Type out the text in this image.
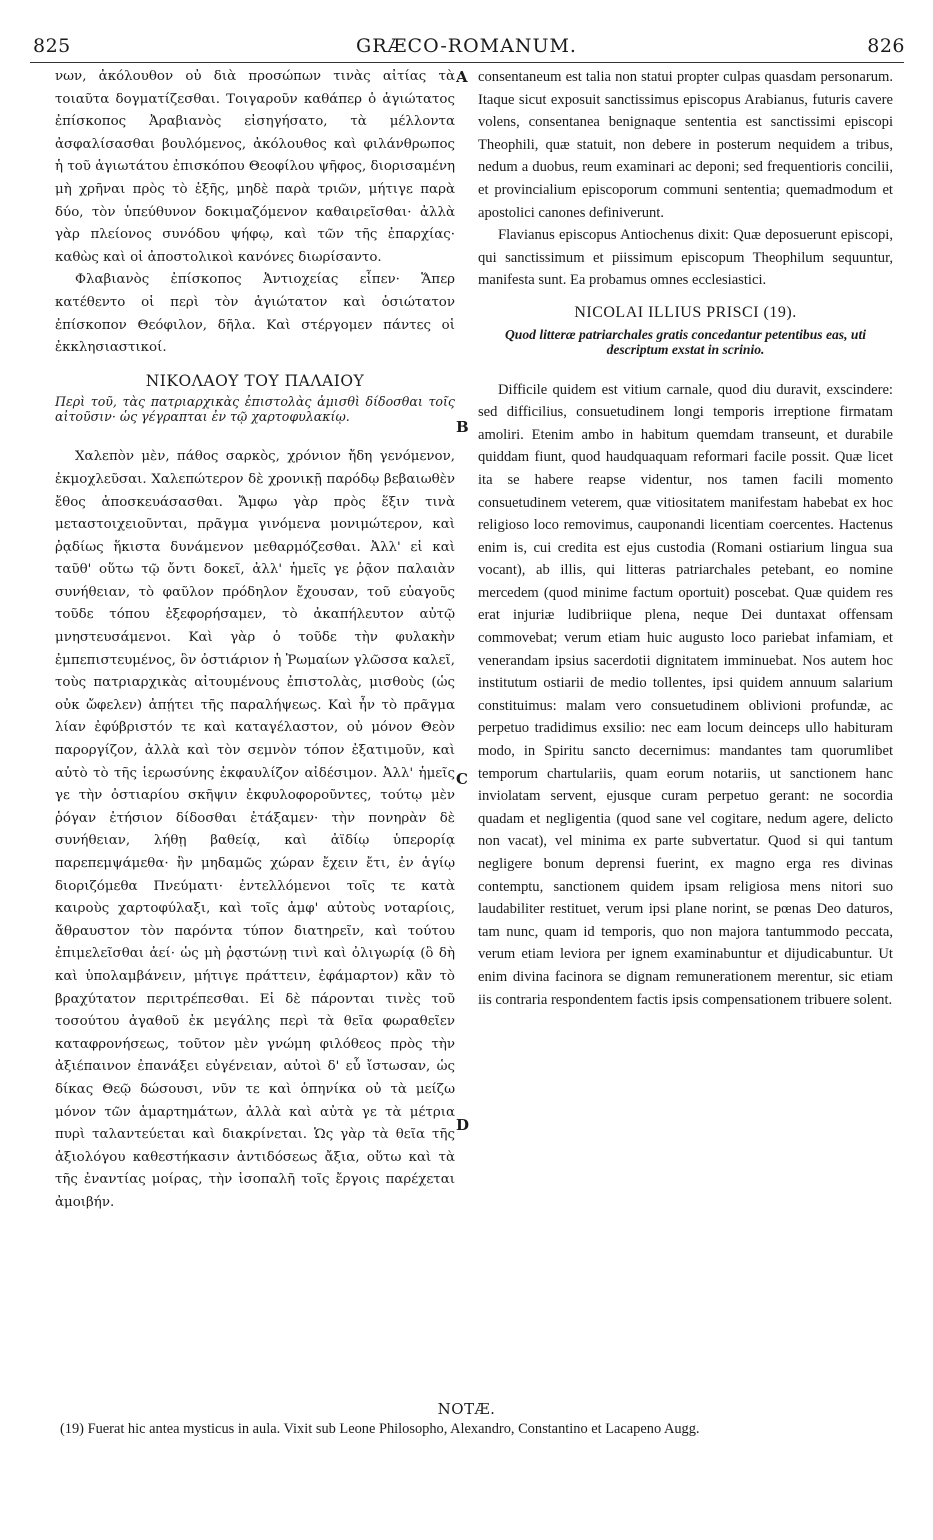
825	GRÆCO-ROMANUM.	826
A
B
C
D

νων, ἀκόλουθον οὐ διὰ προσώπων τινὰς αἰτίας τὰ τοιαῦτα δογματίζεσθαι. Τοιγαροῦν καθάπερ ὁ ἁγιώτατος ἐπίσκοπος Ἀραβιανὸς εἰσηγήσατο, τὰ μέλλοντα ἀσφαλίσασθαι βουλόμενος, ἀκόλουθος καὶ φιλάνθρωπος ἡ τοῦ ἁγιωτάτου ἐπισκόπου Θεοφίλου ψῆφος, διορισαμένη μὴ χρῆναι πρὸς τὸ ἑξῆς, μηδὲ παρὰ τριῶν, μήτιγε παρὰ δύο, τὸν ὑπεύθυνον δοκιμαζόμενον καθαιρεῖσθαι· ἀλλὰ γὰρ πλείονος συνόδου ψήφῳ, καὶ τῶν τῆς ἐπαρχίας· καθὼς καὶ οἱ ἀποστολικοὶ κανόνες διωρίσαντο.

Φλαβιανὸς ἐπίσκοπος Ἀντιοχείας εἶπεν· Ἅπερ κατέθεντο οἱ περὶ τὸν ἁγιώτατον καὶ ὁσιώτατον ἐπίσκοπον Θεόφιλον, δῆλα. Καὶ στέργομεν πάντες οἱ ἐκκλησιαστικοί.

ΝΙΚΟΛΑΟΥ ΤΟΥ ΠΑΛΑΙΟΥ
Περὶ τοῦ, τὰς πατριαρχικὰς ἐπιστολὰς ἀμισθὶ δίδοσθαι τοῖς αἰτοῦσιν· ὡς γέγραπται ἐν τῷ χαρτοφυλακίῳ.

Χαλεπὸν μὲν, πάθος σαρκὸς, χρόνιον ἤδη γενόμενον, ἐκμοχλεῦσαι. Χαλεπώτερον δὲ χρονικῇ παρόδῳ βεβαιωθὲν ἔθος ἀποσκευάσασθαι. Ἄμφω γὰρ πρὸς ἕξιν τινὰ μεταστοιχειοῦνται, πρᾶγμα γινόμενα μονιμώτερον, καὶ ῥᾳδίως ἥκιστα δυνάμενον μεθαρμόζεσθαι. Ἀλλ' εἰ καὶ ταῦθ' οὕτω τῷ ὄντι δοκεῖ, ἀλλ' ἡμεῖς γε ῥᾷον παλαιὰν συνήθειαν, τὸ φαῦλον πρόδηλον ἔχουσαν, τοῦ εὐαγοῦς τοῦδε τόπου ἐξεφορήσαμεν, τὸ ἀκαπήλευτον αὐτῷ μνηστευσάμενοι. Καὶ γὰρ ὁ τοῦδε τὴν φυλακὴν ἐμπεπιστευμένος, ὃν ὀστιάριον ἡ Ῥωμαίων γλῶσσα καλεῖ, τοὺς πατριαρχικὰς αἰτουμένους ἐπιστολὰς, μισθοὺς (ὡς οὐκ ὤφελεν) ἀπῄτει τῆς παραλήψεως. Καὶ ἦν τὸ πρᾶγμα λίαν ἐφύβριστόν τε καὶ καταγέλαστον, οὐ μόνον Θεὸν παροργίζον, ἀλλὰ καὶ τὸν σεμνὸν τόπον ἐξατιμοῦν, καὶ αὐτὸ τὸ τῆς ἱερωσύνης ἐκφαυλίζον αἰδέσιμον. Ἀλλ' ἡμεῖς γε τὴν ὀστιαρίου σκῆψιν ἐκφυλοφοροῦντες, τούτῳ μὲν ῥόγαν ἐτήσιον δίδοσθαι ἐτάξαμεν· τὴν πονηρὰν δὲ συνήθειαν, λήθῃ βαθείᾳ, καὶ ἀϊδίῳ ὑπερορίᾳ παρεπεμψάμεθα· ἣν μηδαμῶς χώραν ἔχειν ἔτι, ἐν ἁγίῳ διοριζόμεθα Πνεύματι· ἐντελλόμενοι τοῖς τε κατὰ καιροὺς χαρτοφύλαξι, καὶ τοῖς ἀμφ' αὐτοὺς νοταρίοις, ἄθραυστον τὸν παρόντα τύπον διατηρεῖν, καὶ τούτου ἐπιμελεῖσθαι ἀεί· ὡς μὴ ῥᾳστώνῃ τινὶ καὶ ὀλιγωρίᾳ (ὃ δὴ καὶ ὑπολαμβάνειν, μήτιγε πράττειν, ἐφάμαρτον) κἂν τὸ βραχύτατον περιτρέπεσθαι. Εἰ δὲ πάρονται τινὲς τοῦ τοσούτου ἀγαθοῦ ἐκ μεγάλης περὶ τὰ θεῖα φωραθεῖεν καταφρονήσεως, τοῦτον μὲν γνώμη φιλόθεος πρὸς τὴν ἀξιέπαινον ἐπανάξει εὐγένειαν, αὐτοὶ δ' εὖ ἴστωσαν, ὡς δίκας Θεῷ δώσουσι, νῦν τε καὶ ὁπηνίκα οὐ τὰ μείζω μόνον τῶν ἁμαρτημάτων, ἀλλὰ καὶ αὐτὰ γε τὰ μέτρια πυρὶ ταλαντεύεται καὶ διακρίνεται. Ὡς γὰρ τὰ θεῖα τῆς ἀξιολόγου καθεστήκασιν ἀντιδόσεως ἄξια, οὕτω καὶ τὰ τῆς ἐναντίας μοίρας, τὴν ἰσοπαλῆ τοῖς ἔργοις παρέχεται ἀμοιβήν.

consentaneum est talia non statui propter culpas quasdam personarum. Itaque sicut exposuit sanctissimus episcopus Arabianus, futuris cavere volens, consentanea benignaque sententia est sanctissimi episcopi Theophili, quæ statuit, non debere in posterum nequidem a tribus, nedum a duobus, reum examinari ac deponi; sed frequentioris concilii, et provincialium episcoporum communi sententia; quemadmodum et apostolici canones definiverunt.

Flavianus episcopus Antiochenus dixit: Quæ deposuerunt episcopi, qui sanctissimum et piissimum episcopum Theophilum sequuntur, manifesta sunt. Ea probamus omnes ecclesiastici.

NICOLAI ILLIUS PRISCI (19).
Quod litteræ patriarchales gratis concedantur petentibus eas, uti descriptum exstat in scrinio.

Difficile quidem est vitium carnale, quod diu duravit, exscindere: sed difficilius, consuetudinem longi temporis irreptione firmatam amoliri. Etenim ambo in habitum quemdam transeunt, et durabile quiddam fiunt, quod haudquaquam reformari facile possit. Quæ licet ita se habere reapse videntur, nos tamen facili momento consuetudinem veterem, quæ vitiositatem manifestam habebat ex hoc religioso loco removimus, cauponandi licentiam coercentes. Hactenus enim is, cui credita est ejus custodia (Romani ostiarium lingua sua vocant), ab illis, qui litteras patriarchales petebant, eo nomine mercedem (quod minime factum oportuit) poscebat. Quæ quidem res erat injuriæ ludibriique plena, neque Dei duntaxat offensam commovebat; verum etiam huic augusto loco pariebat infamiam, et venerandam ipsius sacerdotii dignitatem imminuebat. Nos autem hoc institutum ostiarii de medio tollentes, ipsi quidem annuum salarium constituimus: malam vero consuetudinem oblivioni profundæ, ac perpetuo tradidimus exsilio: nec eam locum deinceps ullo habituram modo, in Spiritu sancto decernimus: mandantes tam quorumlibet temporum chartulariis, quam eorum notariis, ut sanctionem hanc inviolatam servent, ejusque curam perpetuo gerant: ne socordia quadam et negligentia (quod sane vel cogitare, nedum agere, delicto non vacat), vel minima ex parte subvertatur. Quod si qui tantum negligere bonum deprensi fuerint, ex magno erga res divinas contemptu, sanctionem quidem ipsam religiosa mens nitori suo laudabiliter restituet, verum ipsi plane norint, se pœnas Deo daturos, tam nunc, quam id temporis, quo non majora tantummodo peccata, verum etiam leviora per ignem examinabuntur et dijudicabuntur. Ut enim divina facinora se dignam remunerationem merentur, sic etiam iis contraria respondentem factis ipsis compensationem tribuere solent.

NOTÆ.
(19) Fuerat hic antea mysticus in aula. Vixit sub Leone Philosopho, Alexandro, Constantino et Lacapeno Augg.
